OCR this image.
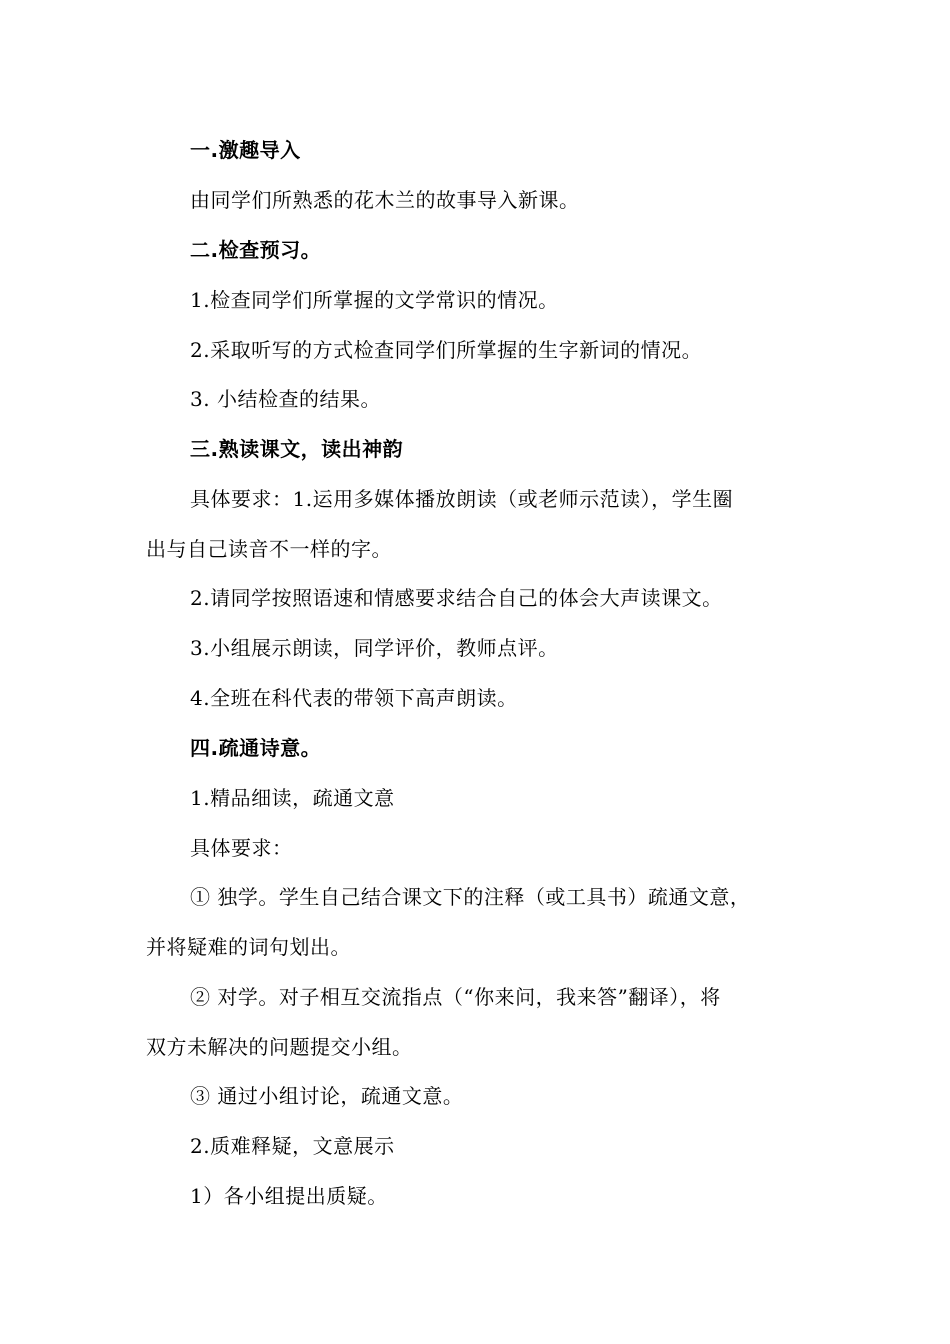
一.激趣导入
由同学们所熟悉的花木兰的故事导入新课。
二.检查预习。
1.检查同学们所掌握的文学常识的情况。
2.采取听写的方式检查同学们所掌握的生字新词的情况。
3. 小结检查的结果。
三.熟读课文，读出神韵
具体要求：1.运用多媒体播放朗读（或老师示范读），学生圈
出与自己读音不一样的字。
2.请同学按照语速和情感要求结合自己的体会大声读课文。
3.小组展示朗读，同学评价，教师点评。
4.全班在科代表的带领下高声朗读。
四.疏通诗意。
1.精品细读，疏通文意
具体要求：
① 独学。学生自己结合课文下的注释（或工具书）疏通文意，
并将疑难的词句划出。
② 对学。对子相互交流指点（“你来问，我来答”翻译），将
双方未解决的问题提交小组。
③ 通过小组讨论，疏通文意。
2.质难释疑，文意展示
1）各小组提出质疑。
